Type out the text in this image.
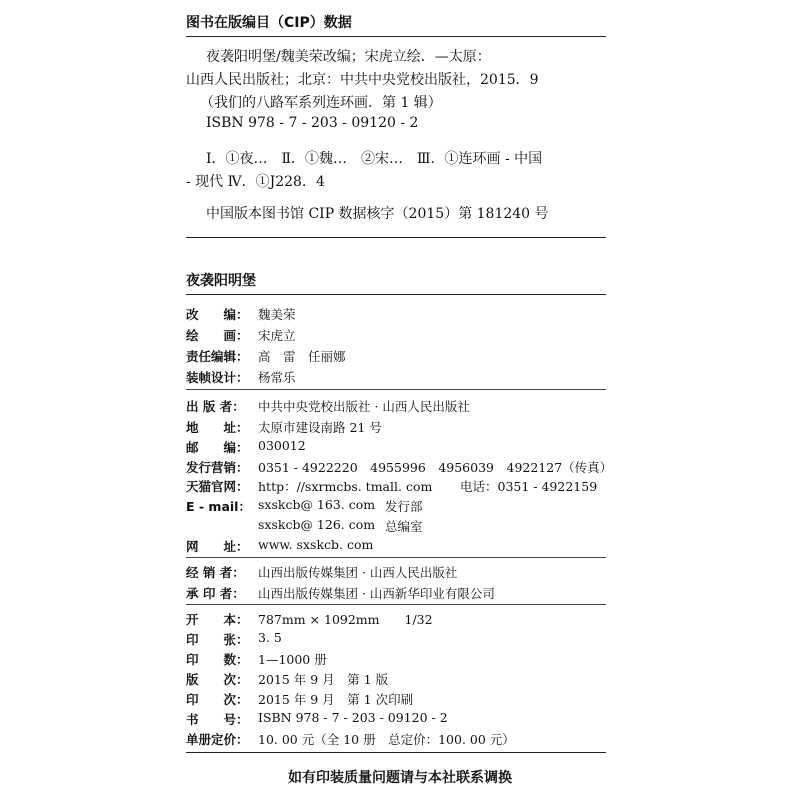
图书在版编目（CIP）数据
夜袭阳明堡/魏美荣改编；宋虎立绘．—太原：
山西人民出版社；北京：中共中央党校出版社，2015．9
（我们的八路军系列连环画．第 1 辑）
ISBN 978 - 7 - 203 - 09120 - 2
Ⅰ．①夜…　Ⅱ．①魏…　②宋…　Ⅲ．①连环画 - 中国
- 现代 Ⅳ．①J228．4
中国版本图书馆 CIP 数据核字（2015）第 181240 号
夜袭阳明堡
改　　编： 魏美荣
绘　　画： 宋虎立
责任编辑： 高　雷　任丽娜
装帧设计： 杨常乐
出 版 者：	中共中央党校出版社 · 山西人民出版社
地　　址： 太原市建设南路 21 号
邮　　编： 030012
发行营销： 0351 - 4922220　4955996　4956039　4922127（传真）
天猫官网： http：//sxrmcbs. tmall. com 电话：0351 - 4922159
E - mail： sxskcb@ 163. com 发行部
sxskcb@ 126. com 总编室
网　　址： www. sxskcb. com
经 销 者：	山西出版传媒集团 · 山西人民出版社
承 印 者：	山西出版传媒集团 · 山西新华印业有限公司
开　　本： 787mm × 1092mm　　1/32
印　　张： 3. 5
印　　数： 1—1000 册
版　　次： 2015 年 9 月　第 1 版
印　　次： 2015 年 9 月　第 1 次印刷
书　　号： ISBN 978 - 7 - 203 - 09120 - 2
单册定价： 10. 00 元（全 10 册　总定价：100. 00 元）
如有印装质量问题请与本社联系调换
